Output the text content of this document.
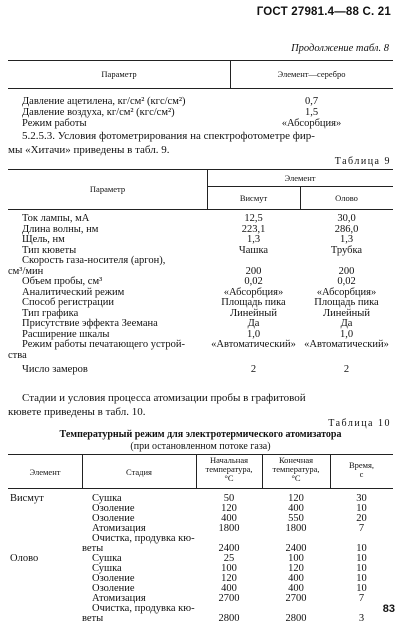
ГОСТ 27981.4—88 С. 21
Продолжение табл. 8
Параметр	Элемент—серебро
Давление ацетилена, кг/см² (кгс/см²)	0,7
Давление воздуха, кг/см² (кгс/см²)	1,5
Режим работы	«Абсорбция»
5.2.5.3. Условия фотометрирования на спектрофотометре фир-
мы «Хитачи» приведены в табл. 9.
Таблица 9
Параметр
Элемент
Висмут	Олово
Ток лампы, мА	12,5	30,0
Длина волны, нм	223,1	286,0
Щель, нм	1,3	1,3
Тип кюветы	Чашка	Трубка
Скорость газа-носителя (аргон),
см³/мин	200	200
Объем пробы, см³	0,02	0,02
Аналитический режим	«Абсорбция»	«Абсорбция»
Способ регистрации	Площадь пика	Площадь пика
Тип графика	Линейный	Линейный
Присутствие эффекта Зеемана	Да	Да
Расширение шкалы	1,0	1,0
Режим работы печатающего устрой-	«Автоматический» «Автоматический»
ства
Число замеров	2	2
Стадии и условия процесса атомизации пробы в графитовой
кювете приведены в табл. 10.
Таблица 10
Температурный режим для электротермического атомизатора
(при остановленном потоке газа)
Элемент	Стадия
Начальная
температура,
°С
Конечная
температура,
°С
Время,
с
Висмут	Сушка	50	120	30
Озоление	120	400	10
Озоление	400	550	20
Атомизация	1800	1800	7
Очистка, продувка кю-
веты	2400	2400	10
Олово	Сушка	25	100	10
Сушка	100	120	10
Озоление	120	400	10
Озоление	400	400	10
Атомизация	2700	2700	7
Очистка, продувка кю-
веты	2800	2800	3
83
